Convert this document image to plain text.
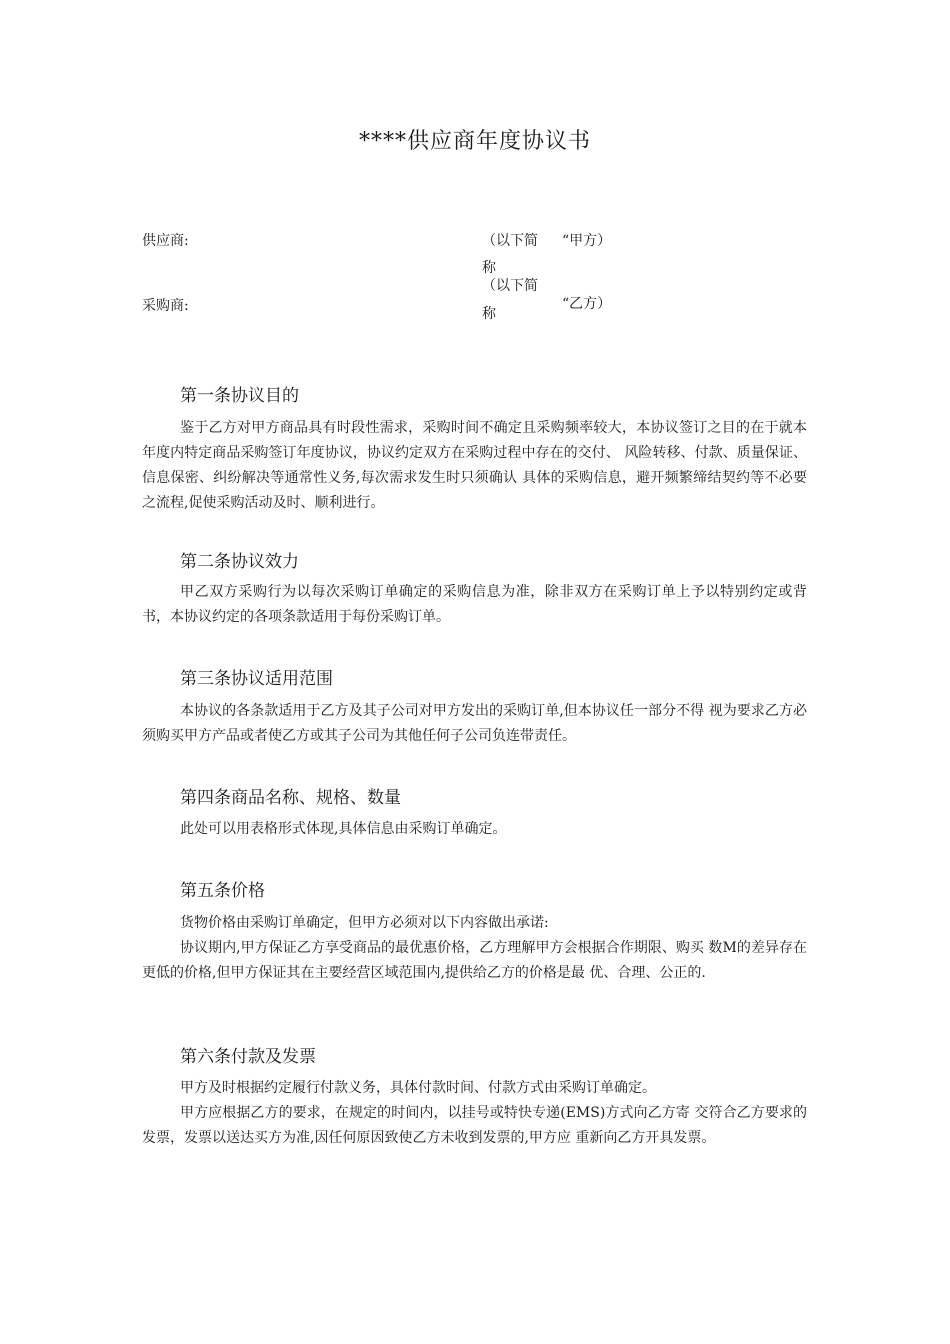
****供应商年度协议书
供应商:	（以下简 “甲方）
称
（以下简
采购商:	“乙方）
称
第一条协议目的

鉴于乙方对甲方商品具有时段性需求，采购时间不确定且采购频率较大，本协议签订之目的在于就本年度内特定商品采购签订年度协议，协议约定双方在采购过程中存在的交付、 风险转移、付款、质量保证、信息保密、纠纷解决等通常性义务,每次需求发生时只须确认 具体的采购信息，避开频繁缔结契约等不必要之流程,促使采购活动及时、顺利进行。

第二条协议效力

甲乙双方采购行为以每次采购订单确定的采购信息为准，除非双方在采购订单上予以特别约定或背书，本协议约定的各项条款适用于每份采购订单。

第三条协议适用范围

本协议的各条款适用于乙方及其子公司对甲方发出的采购订单,但本协议任一部分不得 视为要求乙方必须购买甲方产品或者使乙方或其子公司为其他任何子公司负连带责任。

第四条商品名称、规格、数量

此处可以用表格形式体现,具体信息由采购订单确定。

第五条价格

货物价格由采购订单确定，但甲方必须对以下内容做出承诺:

协议期内,甲方保证乙方享受商品的最优惠价格，乙方理解甲方会根据合作期限、购买 数M的差异存在更低的价格,但甲方保证其在主要经营区域范围内,提供给乙方的价格是最 优、合理、公正的.

第六条付款及发票

甲方及时根据约定履行付款义务，具体付款时间、付款方式由采购订单确定。

甲方应根据乙方的要求，在规定的时间内，以挂号或特快专递(EMS)方式向乙方寄 交符合乙方要求的发票，发票以送达买方为准,因任何原因致使乙方未收到发票的,甲方应 重新向乙方开具发票。
